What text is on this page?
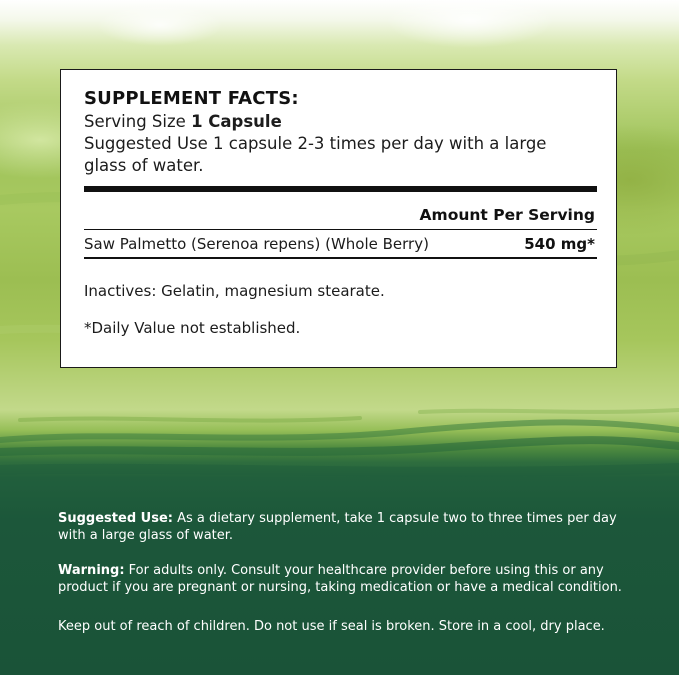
SUPPLEMENT FACTS:
Serving Size 1 Capsule
Suggested Use 1 capsule 2-3 times per day with a large
glass of water.
Amount Per Serving
Saw Palmetto (Serenoa repens) (Whole Berry)	540 mg*
Inactives: Gelatin, magnesium stearate.
*Daily Value not established.
Suggested Use: As a dietary supplement, take 1 capsule two to three times per day with a large glass of water.
Warning: For adults only. Consult your healthcare provider before using this or any product if you are pregnant or nursing, taking medication or have a medical condition.
Keep out of reach of children. Do not use if seal is broken. Store in a cool, dry place.
